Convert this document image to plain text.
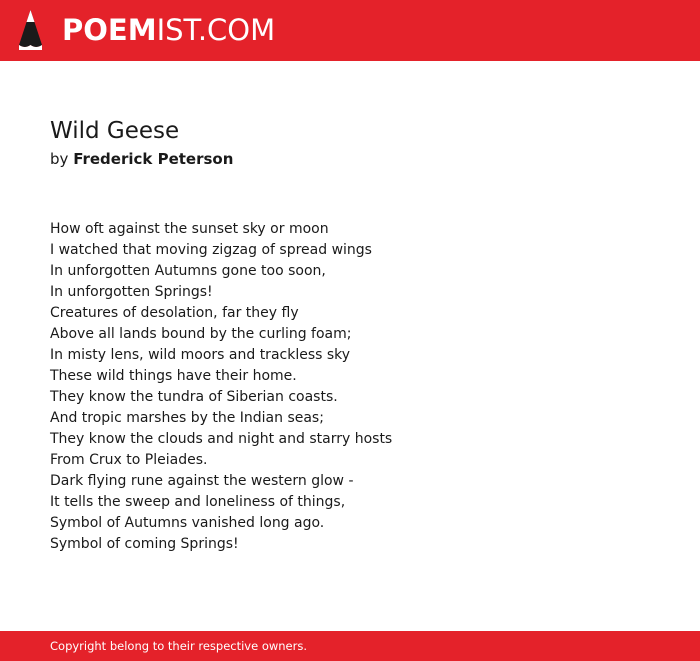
POEMIST.COM
Wild Geese
by Frederick Peterson
How oft against the sunset sky or moon
I watched that moving zigzag of spread wings
In unforgotten Autumns gone too soon,
In unforgotten Springs!
Creatures of desolation, far they fly
Above all lands bound by the curling foam;
In misty lens, wild moors and trackless sky
These wild things have their home.
They know the tundra of Siberian coasts.
And tropic marshes by the Indian seas;
They know the clouds and night and starry hosts
From Crux to Pleiades.
Dark flying rune against the western glow -
It tells the sweep and loneliness of things,
Symbol of Autumns vanished long ago.
Symbol of coming Springs!
Copyright belong to their respective owners.
